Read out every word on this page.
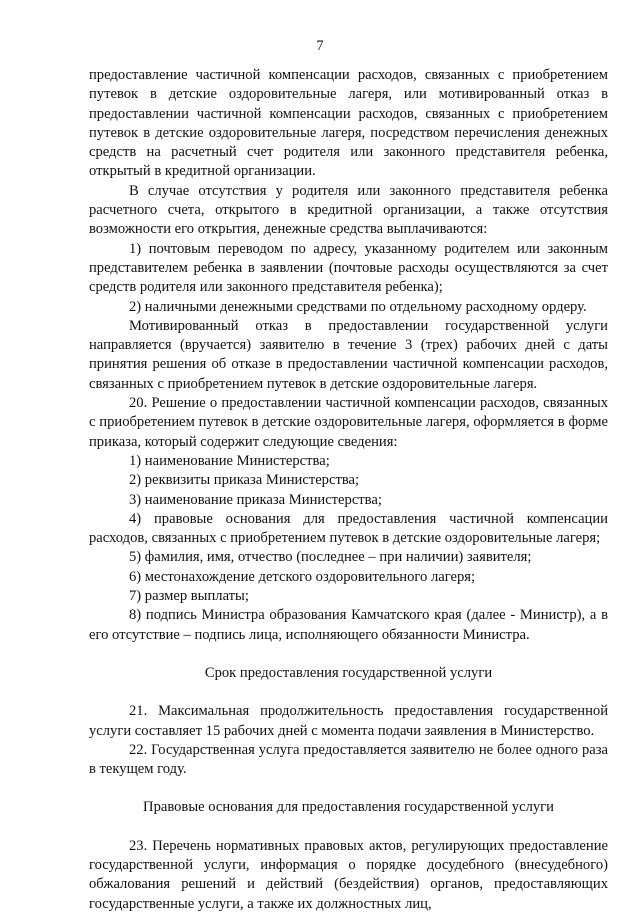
7

предоставление частичной компенсации расходов, связанных с приобретением путевок в детские оздоровительные лагеря, или мотивированный отказ в предоставлении частичной компенсации расходов, связанных с приобретением путевок в детские оздоровительные лагеря, посредством перечисления денежных средств на расчетный счет родителя или законного представителя ребенка, открытый в кредитной организации.

В случае отсутствия у родителя или законного представителя ребенка расчетного счета, открытого в кредитной организации, а также отсутствия возможности его открытия, денежные средства выплачиваются:

1) почтовым переводом по адресу, указанному родителем или законным представителем ребенка в заявлении (почтовые расходы осуществляются за счет средств родителя или законного представителя ребенка);

2) наличными денежными средствами по отдельному расходному ордеру.

Мотивированный отказ в предоставлении государственной услуги направляется (вручается) заявителю в течение 3 (трех) рабочих дней с даты принятия решения об отказе в предоставлении частичной компенсации расходов, связанных с приобретением путевок в детские оздоровительные лагеря.

20. Решение о предоставлении частичной компенсации расходов, связанных с приобретением путевок в детские оздоровительные лагеря, оформляется в форме приказа, который содержит следующие сведения:

1) наименование Министерства;

2) реквизиты приказа Министерства;

3) наименование приказа Министерства;

4) правовые основания для предоставления частичной компенсации расходов, связанных с приобретением путевок в детские оздоровительные лагеря;

5) фамилия, имя, отчество (последнее – при наличии) заявителя;

6) местонахождение детского оздоровительного лагеря;

7) размер выплаты;

8) подпись Министра образования Камчатского края (далее - Министр), а в его отсутствие – подпись лица, исполняющего обязанности Министра.

Срок предоставления государственной услуги

21. Максимальная продолжительность предоставления государственной услуги составляет 15 рабочих дней с момента подачи заявления в Министерство.

22. Государственная услуга предоставляется заявителю не более одного раза в текущем году.

Правовые основания для предоставления государственной услуги

23. Перечень нормативных правовых актов, регулирующих предоставление государственной услуги, информация о порядке досудебного (внесудебного) обжалования решений и действий (бездействия) органов, предоставляющих государственные услуги, а также их должностных лиц,
